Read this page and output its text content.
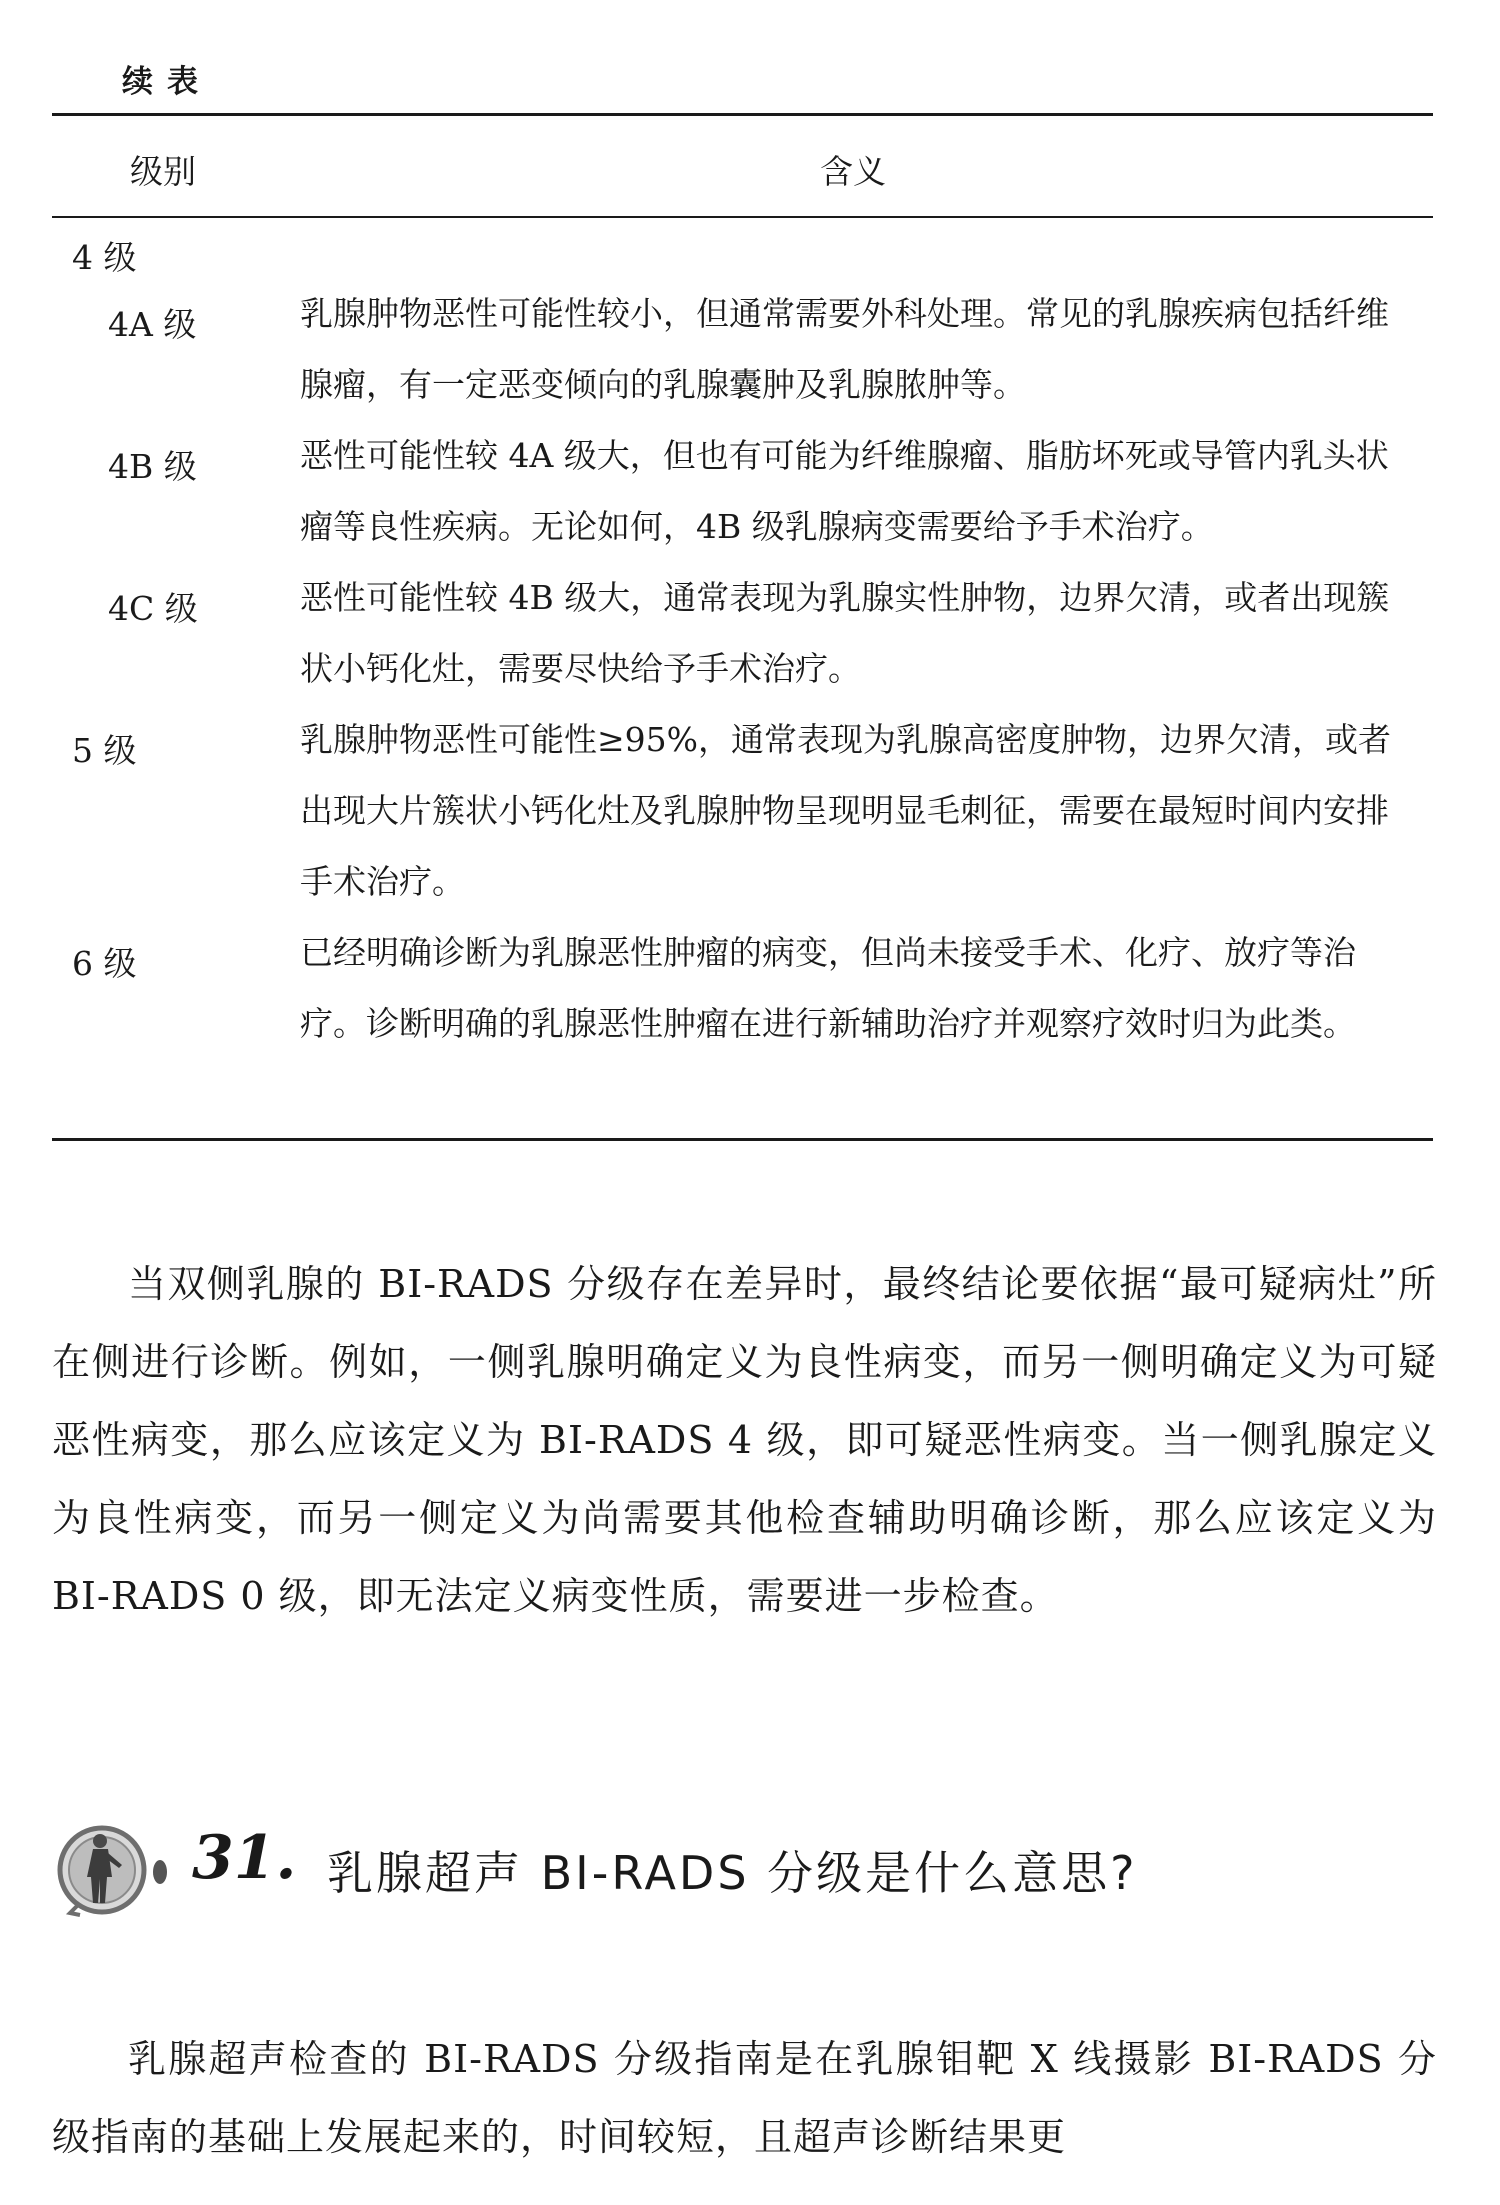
续表
级别	含义
4 级
4A 级	乳腺肿物恶性可能性较小，但通常需要外科处理。常见的乳腺疾病包括纤维腺瘤，有一定恶变倾向的乳腺囊肿及乳腺脓肿等。

4B 级	恶性可能性较 4A 级大，但也有可能为纤维腺瘤、脂肪坏死或导管内乳头状瘤等良性疾病。无论如何，4B 级乳腺病变需要给予手术治疗。

4C 级	恶性可能性较 4B 级大，通常表现为乳腺实性肿物，边界欠清，或者出现簇状小钙化灶，需要尽快给予手术治疗。

5 级	乳腺肿物恶性可能性≥95%，通常表现为乳腺高密度肿物，边界欠清，或者出现大片簇状小钙化灶及乳腺肿物呈现明显毛刺征，需要在最短时间内安排手术治疗。

6 级	已经明确诊断为乳腺恶性肿瘤的病变，但尚未接受手术、化疗、放疗等治疗。诊断明确的乳腺恶性肿瘤在进行新辅助治疗并观察疗效时归为此类。

当双侧乳腺的 BI-RADS 分级存在差异时，最终结论要依据“最可疑病灶”所在侧进行诊断。例如，一侧乳腺明确定义为良性病变，而另一侧明确定义为可疑恶性病变，那么应该定义为 BI-RADS 4 级，即可疑恶性病变。当一侧乳腺定义为良性病变，而另一侧定义为尚需要其他检查辅助明确诊断，那么应该定义为 BI-RADS 0 级，即无法定义病变性质，需要进一步检查。

31. 乳腺超声 BI-RADS 分级是什么意思?

乳腺超声检查的 BI-RADS 分级指南是在乳腺钼靶 X 线摄影 BI-RADS 分级指南的基础上发展起来的，时间较短，且超声诊断结果更
